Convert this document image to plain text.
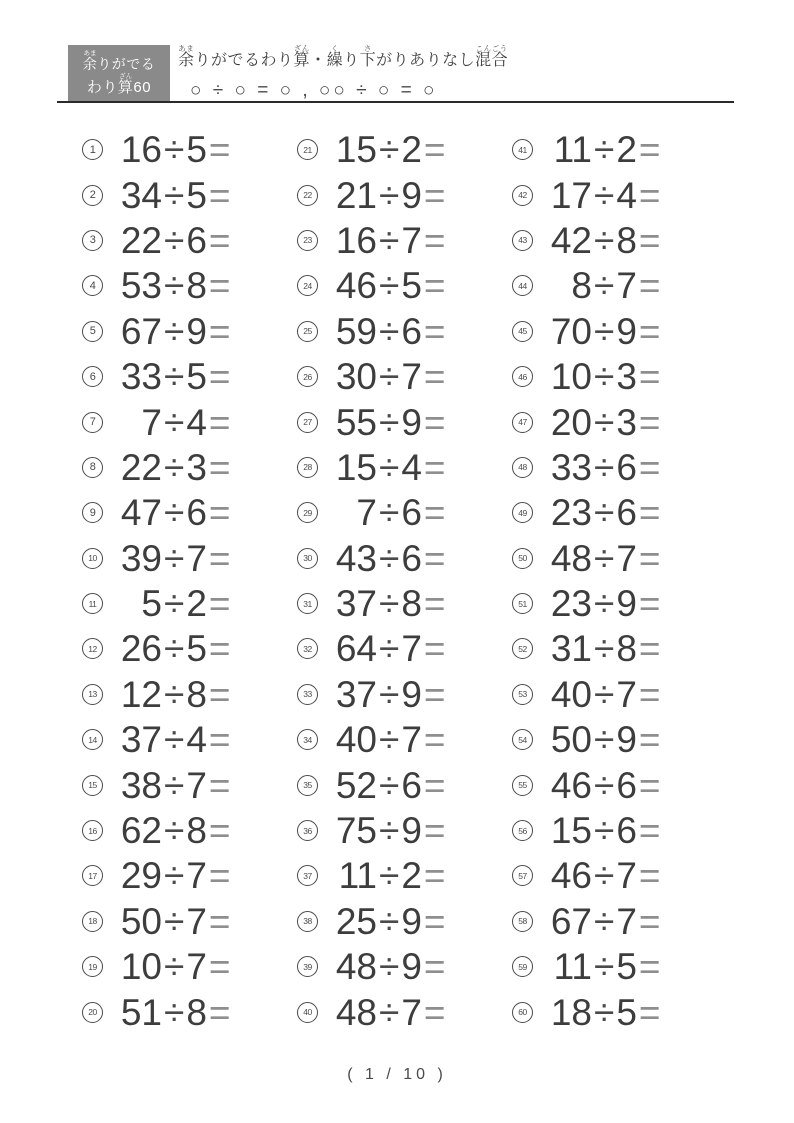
余あまりがでる
わり算ざん60
余あまりがでるわり算ざん・繰くり下さがりありなし混合こんごう
○ ÷ ○ = ○ , ○○ ÷ ○ = ○
1 16 ÷ 5 =
2 34 ÷ 5 =
3 22 ÷ 6 =
4 53 ÷ 8 =
5 67 ÷ 9 =
6 33 ÷ 5 =
7	7 ÷ 4 =
8 22 ÷ 3 =
9 47 ÷ 6 =
10 39 ÷ 7 =
11	5 ÷ 2 =
12 26 ÷ 5 =
13 12 ÷ 8 =
14 37 ÷ 4 =
15 38 ÷ 7 =
16 62 ÷ 8 =
17 29 ÷ 7 =
18 50 ÷ 7 =
19 10 ÷ 7 =
20 51 ÷ 8 =
21 15 ÷ 2 =
22 21 ÷ 9 =
23 16 ÷ 7 =
24 46 ÷ 5 =
25 59 ÷ 6 =
26 30 ÷ 7 =
27 55 ÷ 9 =
28 15 ÷ 4 =
29	7 ÷ 6 =
30 43 ÷ 6 =
31 37 ÷ 8 =
32 64 ÷ 7 =
33 37 ÷ 9 =
34 40 ÷ 7 =
35 52 ÷ 6 =
36 75 ÷ 9 =
37 11 ÷ 2 =
38 25 ÷ 9 =
39 48 ÷ 9 =
40 48 ÷ 7 =
41 11 ÷ 2 =
42 17 ÷ 4 =
43 42 ÷ 8 =
44	8 ÷ 7 =
45 70 ÷ 9 =
46 10 ÷ 3 =
47 20 ÷ 3 =
48 33 ÷ 6 =
49 23 ÷ 6 =
50 48 ÷ 7 =
51 23 ÷ 9 =
52 31 ÷ 8 =
53 40 ÷ 7 =
54 50 ÷ 9 =
55 46 ÷ 6 =
56 15 ÷ 6 =
57 46 ÷ 7 =
58 67 ÷ 7 =
59 11 ÷ 5 =
60 18 ÷ 5 =
( 1 / 10 )
